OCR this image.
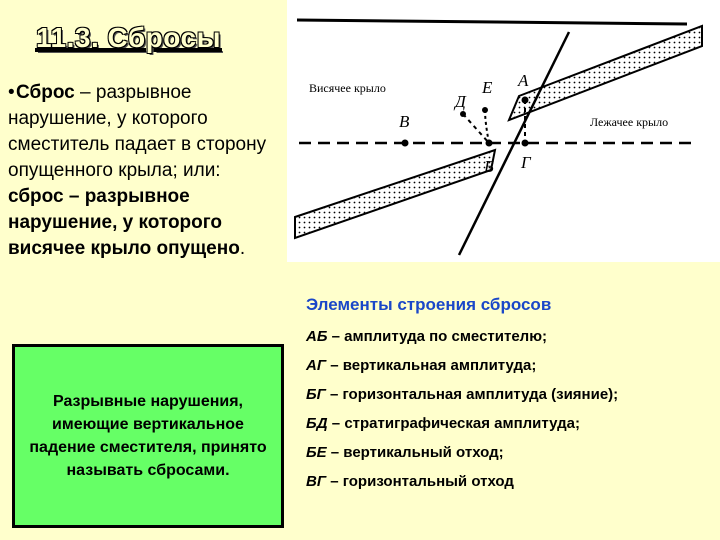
11.3. Сбросы
•Сброс – разрывное нарушение, у которого сместитель падает в сторону опущенного крыла; или: сброс – разрывное нарушение, у которого висячее крыло опущено.
Разрывные нарушения, имеющие вертикальное падение сместителя, принято называть сбросами.
Висячее крыло
Лежачее крыло
А
Е
Д
В
Б Г
Элементы строения сбросов
АБ – амплитуда по сместителю;
АГ – вертикальная амплитуда;
БГ – горизонтальная амплитуда (зияние);
БД – стратиграфическая амплитуда;
БЕ – вертикальный отход;
ВГ – горизонтальный отход
